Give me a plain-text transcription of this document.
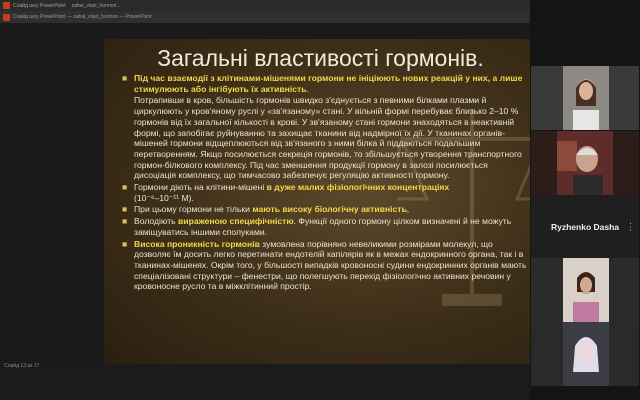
Слайд шоу PowerPoint zahal_vlast_hormon...
Слайд шоу PowerPoint — zahal_vlast_hormon — PowerPoint
Загальні властивості гормонів.
■ Під час взаємодії з клітинами-мішенями гормони не ініціюють нових реакцій у них, а лише стимулюють або інгібують їх активність.
Потрапивши в кров, більшість гормонів швидко з'єднується з певними білками плазми й циркулюють у кров'яному руслі у «зв'язаному» стані. У вільній формі перебуває близько 2–10 % гормонів від їх загальної кількості в крові. У зв'язаному стані гормони знаходяться в неактивній формі, що запобігає руйнуванню та захищає тканини від надмірної їх дії. У тканинах органів-мішеней гормони відщеплюються від зв'язаного з ними білка й піддаються подальшим перетворенням. Якщо посилюється секреція гормонів, то збільшується утворення транспортного гормон-білкового комплексу. Під час зменшення продукції гормону в залозі посилюється дисоціація комплексу, що тимчасово забезпечує регуляцію активності гормону.
■ Гормони діють на клітини-мішені в дуже малих фізіологічних концентраціях
(10⁻⁶–10⁻¹¹ М).
■ При цьому гормони не тільки мають високу біологічну активність,
■ Володіють вираженою специфічністю. Функції одного гормону цілком визначені й не можуть заміщуватись іншими сполуками.
■ Висока проникність гормонів зумовлена порівняно невеликими розмірами молекул, що дозволяє їм досить легко перетинати ендотелій капілярів як в межах ендокринного органа, так і в тканинах-мішенях. Окрім того, у більшості випадків кровоносні судини ендокринних органів мають спеціалізовані структури – фенестри, що полегшують перехід фізіологічно активних речовин у кровоносне русло та в міжклітинний простір.
Слайд 13 из 17
Ryzhenko Dasha ⋮
